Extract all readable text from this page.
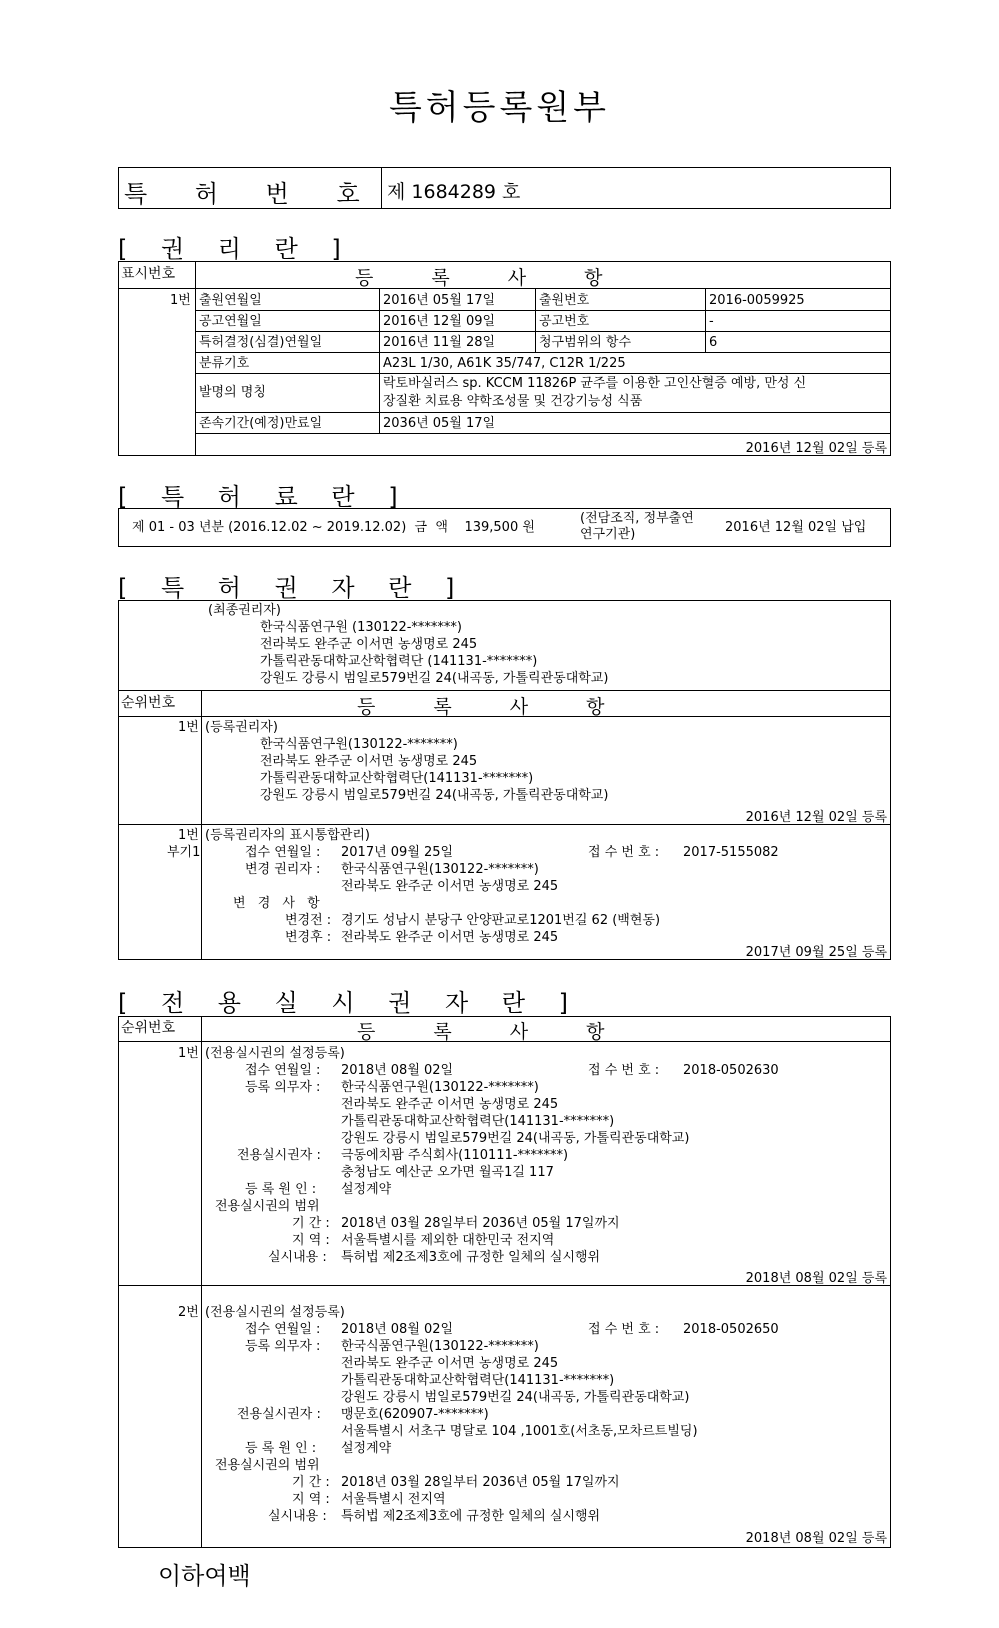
특허등록원부
특 허 번 호 제 1684289 호
[ 권 리 란 ]
표시번호	등 록 사 항
1번 출원연월일	2016년 05월 17일	출원번호	2016-0059925
공고연월일	2016년 12월 09일	공고번호	-
특허결정(심결)연월일	2016년 11월 28일	청구범위의 항수	6
분류기호	A23L 1/30, A61K 35/747, C12R 1/225
발명의 명칭
락토바실러스 sp. KCCM 11826P 균주를 이용한 고인산혈증 예방, 만성 신
장질환 치료용 약학조성물 및 건강기능성 식품
존속기간(예정)만료일	2036년 05월 17일
2016년 12월 02일 등록
[ 특 허 료 란 ]
제 01 - 03 년분 (2016.12.02 ~ 2019.12.02)  금  액    139,500 원
(전담조직, 정부출연
연구기관)	2016년 12월 02일 납입
[ 특 허 권 자 란 ]
(최종권리자)
한국식품연구원 (130122-*******)
전라북도 완주군 이서면 농생명로 245
가톨릭관동대학교산학협력단 (141131-*******)
강원도 강릉시 범일로579번길 24(내곡동, 가톨릭관동대학교)
순위번호	등 록 사 항
1번 (등록권리자)
한국식품연구원(130122-*******)
전라북도 완주군 이서면 농생명로 245
가톨릭관동대학교산학협력단(141131-*******)
강원도 강릉시 범일로579번길 24(내곡동, 가톨릭관동대학교)
2016년 12월 02일 등록
1번
부기1
(등록권리자의 표시통합관리)
접수 연월일 : 2017년 09월 25일	접 수 번 호 : 2017-5155082
변경 권리자 : 한국식품연구원(130122-*******)
전라북도 완주군 이서면 농생명로 245
변 경 사 항
변경전 : 경기도 성남시 분당구 안양판교로1201번길 62 (백현동)
변경후 : 전라북도 완주군 이서면 농생명로 245
2017년 09월 25일 등록
[ 전 용 실 시 권 자 란 ]
순위번호	등 록 사 항
1번 (전용실시권의 설정등록)
접수 연월일 : 2018년 08월 02일	접 수 번 호 : 2018-0502630
등록 의무자 : 한국식품연구원(130122-*******)
전라북도 완주군 이서면 농생명로 245
가톨릭관동대학교산학협력단(141131-*******)
강원도 강릉시 범일로579번길 24(내곡동, 가톨릭관동대학교)
전용실시권자 : 극동에치팜 주식회사(110111-*******)
충청남도 예산군 오가면 월곡1길 117
등 록 원 인 : 설정계약
전용실시권의 범위
기 간 : 2018년 03월 28일부터 2036년 05월 17일까지
지 역 : 서울특별시를 제외한 대한민국 전지역
실시내용 : 특허법 제2조제3호에 규정한 일체의 실시행위
2018년 08월 02일 등록
2번 (전용실시권의 설정등록)
접수 연월일 : 2018년 08월 02일	접 수 번 호 : 2018-0502650
등록 의무자 : 한국식품연구원(130122-*******)
전라북도 완주군 이서면 농생명로 245
가톨릭관동대학교산학협력단(141131-*******)
강원도 강릉시 범일로579번길 24(내곡동, 가톨릭관동대학교)
전용실시권자 : 맹문호(620907-*******)
서울특별시 서초구 명달로 104 ,1001호(서초동,모차르트빌딩)
등 록 원 인 : 설정계약
전용실시권의 범위
기 간 : 2018년 03월 28일부터 2036년 05월 17일까지
지 역 : 서울특별시 전지역
실시내용 : 특허법 제2조제3호에 규정한 일체의 실시행위
2018년 08월 02일 등록
이하여백
